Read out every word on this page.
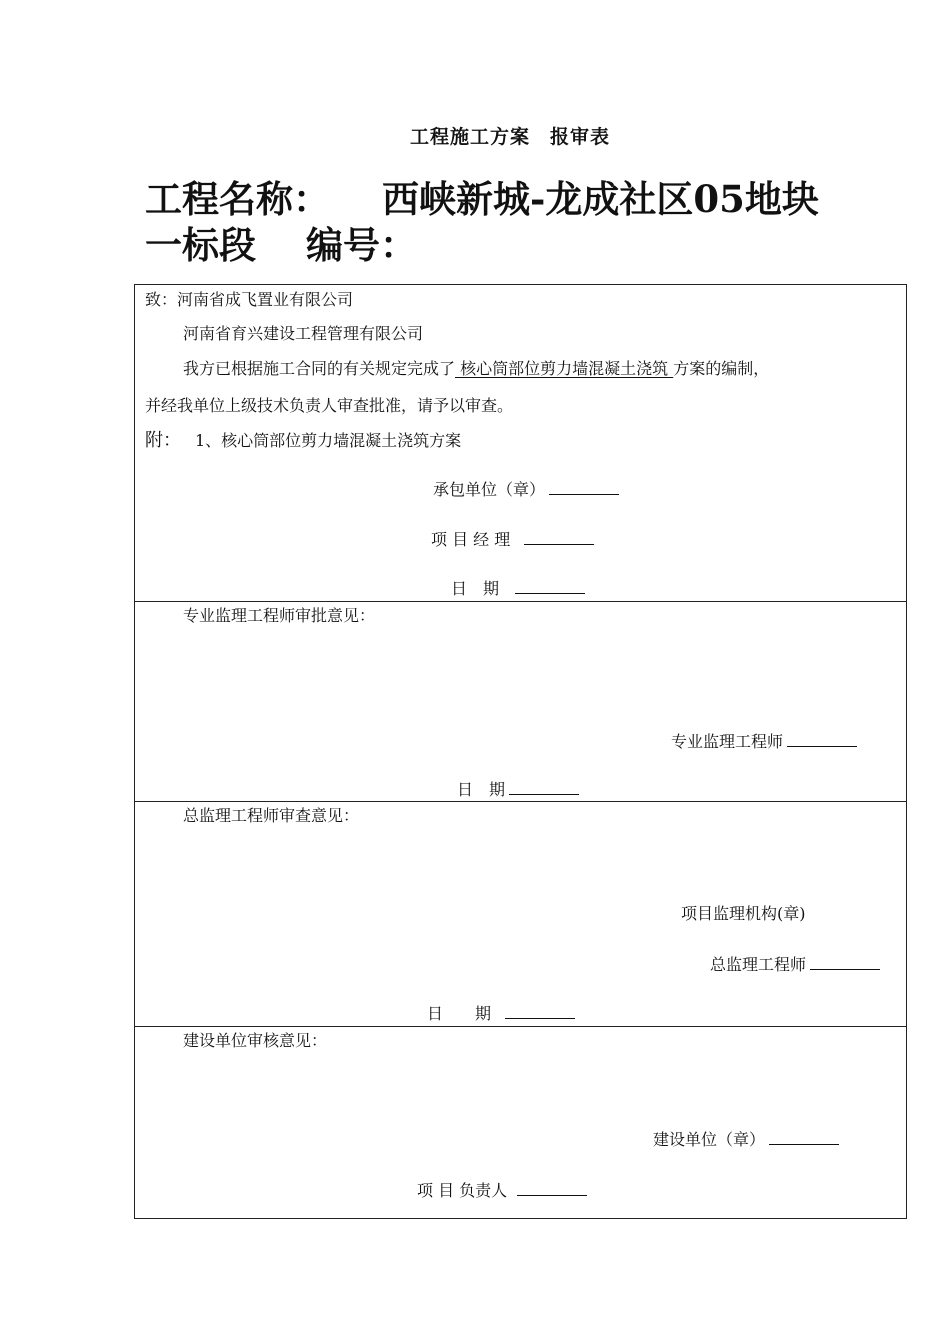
工程施工方案　报审表
工程名称： 西峡新城-龙成社区05地块
一标段 编号：
致：河南省成飞置业有限公司
河南省育兴建设工程管理有限公司
我方已根据施工合同的有关规定完成了 核心筒部位剪力墙混凝土浇筑 方案的编制，
并经我单位上级技术负责人审查批准，请予以审查。
附： 1、核心筒部位剪力墙混凝土浇筑方案
承包单位（章）
项 目 经 理
日　期
专业监理工程师审批意见：
专业监理工程师
日　期
总监理工程师审查意见：
项目监理机构(章)
总监理工程师
日　　期
建设单位审核意见：
建设单位（章）
项 目 负责人
